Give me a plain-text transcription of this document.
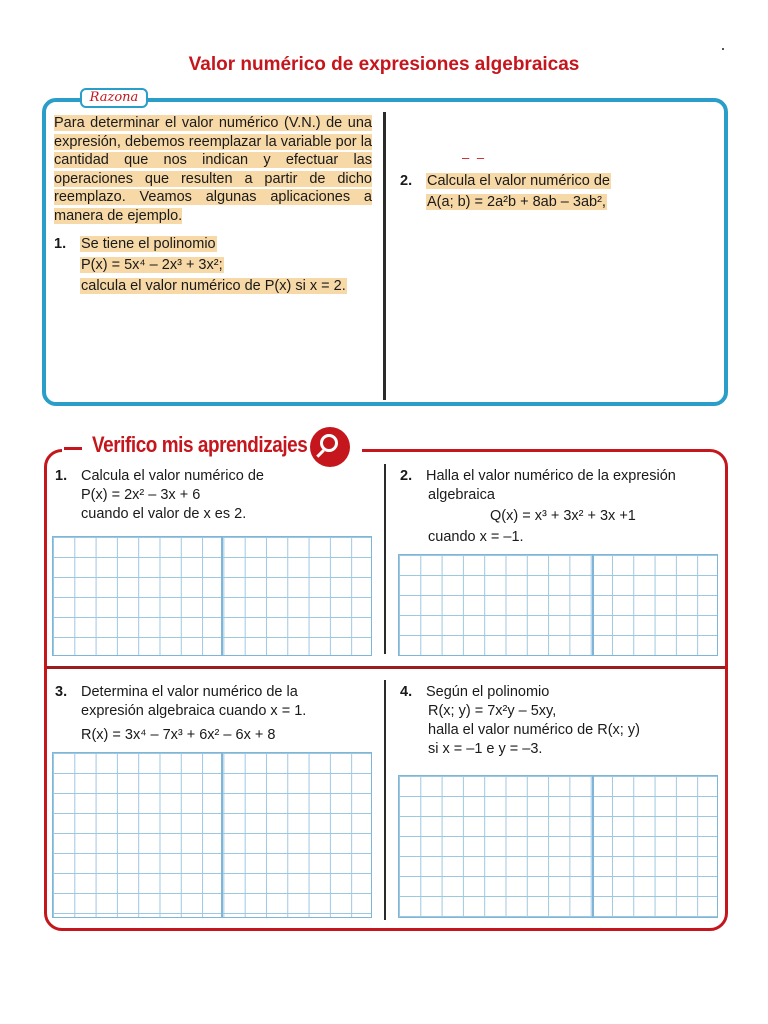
Valor numérico de expresiones algebraicas
Razona
Para determinar el valor numérico (V.N.) de una expresión, debemos reemplazar la variable por la cantidad que nos indican y efectuar las operaciones que resulten a partir de dicho reemplazo. Veamos algunas aplicaciones a manera de ejemplo.
1. Se tiene el polinomio
P(x) = 5x⁴ – 2x³ + 3x²;
calcula el valor numérico de P(x) si x = 2.
– –
2. Calcula el valor numérico de
A(a; b) = 2a²b + 8ab – 3ab²,
Verifico mis aprendizajes
1. Calcula el valor numérico de
P(x) = 2x² – 3x + 6
cuando el valor de x es 2.
2. Halla el valor numérico de la expresión
algebraica
Q(x) = x³ + 3x² + 3x +1
cuando x = –1.
3. Determina el valor numérico de la
expresión algebraica cuando x = 1.
R(x) = 3x⁴ – 7x³ + 6x² – 6x + 8
4. Según el polinomio
R(x; y) = 7x²y – 5xy,
halla el valor numérico de R(x; y)
si x = –1 e y = –3.
